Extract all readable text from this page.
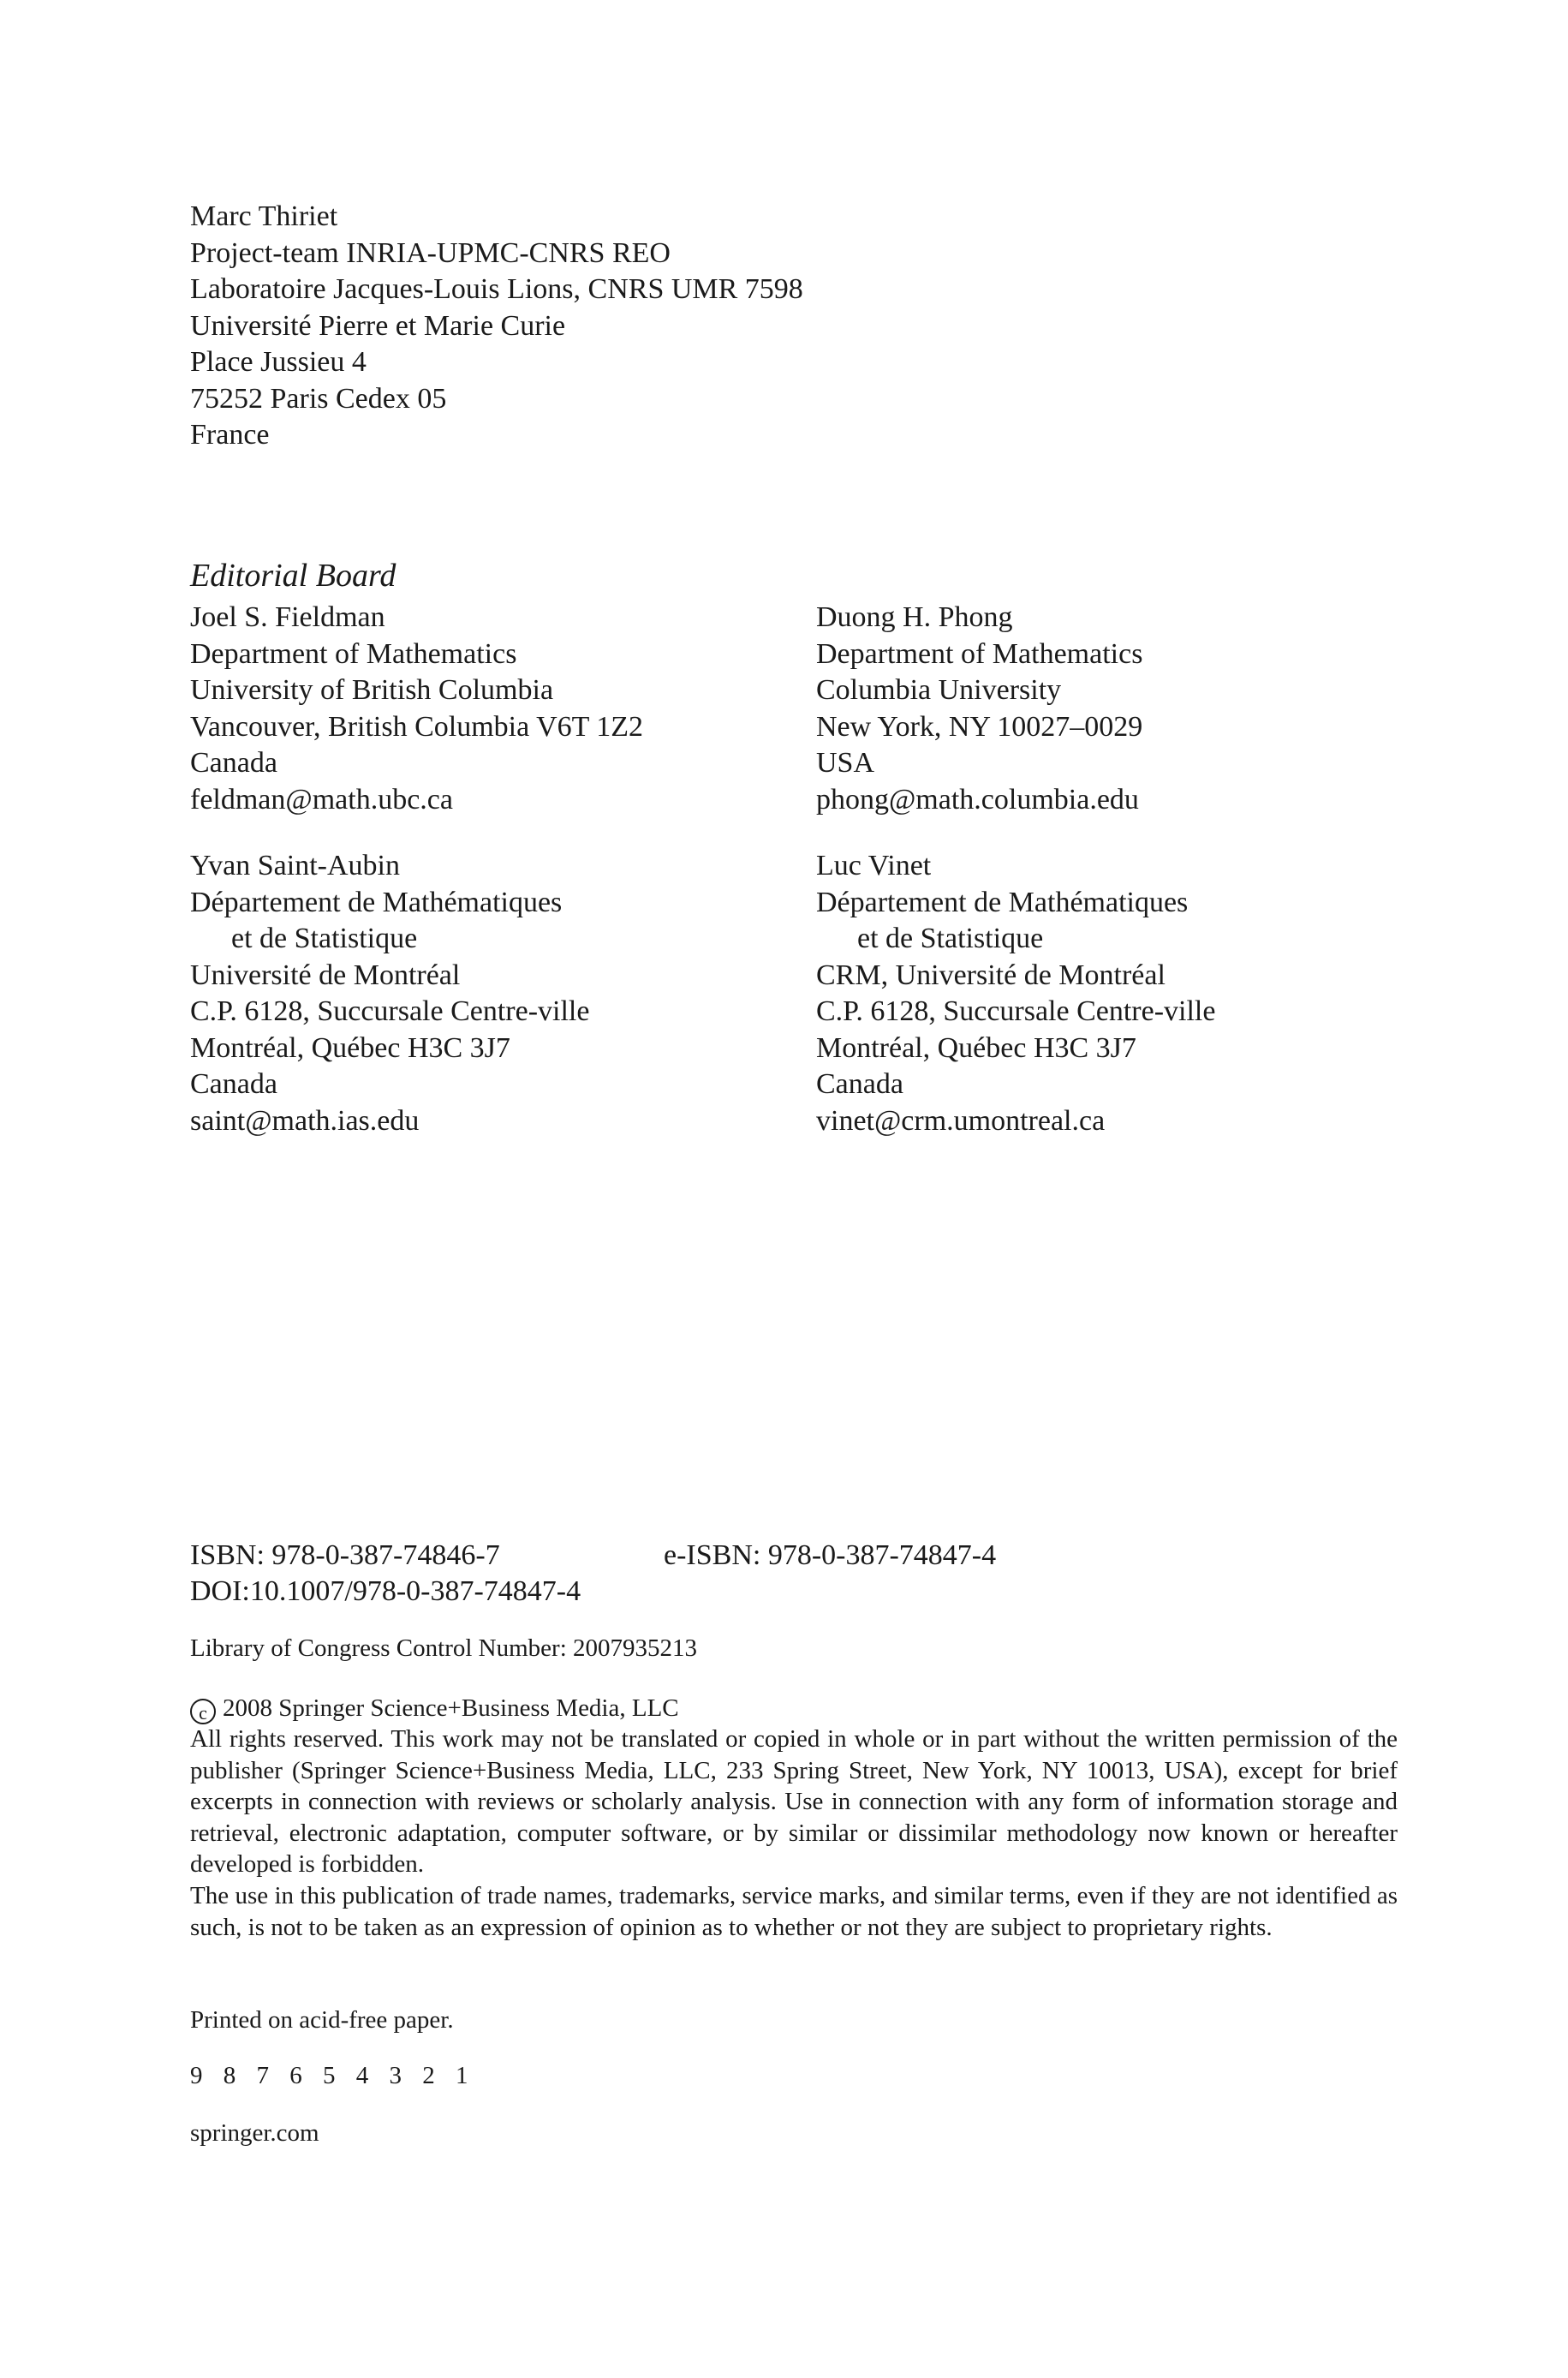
Marc Thiriet
Project-team INRIA-UPMC-CNRS REO
Laboratoire Jacques-Louis Lions, CNRS UMR 7598
Université Pierre et Marie Curie
Place Jussieu 4
75252 Paris Cedex 05
France
Editorial Board
Joel S. Fieldman
Department of Mathematics
University of British Columbia
Vancouver, British Columbia V6T 1Z2
Canada
feldman@math.ubc.ca
Duong H. Phong
Department of Mathematics
Columbia University
New York, NY 10027–0029
USA
phong@math.columbia.edu
Yvan Saint-Aubin
Département de Mathématiques
et de Statistique
Université de Montréal
C.P. 6128, Succursale Centre-ville
Montréal, Québec H3C 3J7
Canada
saint@math.ias.edu
Luc Vinet
Département de Mathématiques
et de Statistique
CRM, Université de Montréal
C.P. 6128, Succursale Centre-ville
Montréal, Québec H3C 3J7
Canada
vinet@crm.umontreal.ca
ISBN: 978-0-387-74846-7	e-ISBN: 978-0-387-74847-4
DOI:10.1007/978-0-387-74847-4
Library of Congress Control Number: 2007935213
c 2008 Springer Science+Business Media, LLC
All rights reserved. This work may not be translated or copied in whole or in part without the written permission of the publisher (Springer Science+Business Media, LLC, 233 Spring Street, New York, NY 10013, USA), except for brief excerpts in connection with reviews or scholarly analysis. Use in connection with any form of information storage and retrieval, electronic adaptation, computer software, or by similar or dissimilar methodology now known or hereafter developed is forbidden.
The use in this publication of trade names, trademarks, service marks, and similar terms, even if they are not identified as such, is not to be taken as an expression of opinion as to whether or not they are subject to proprietary rights.
Printed on acid-free paper.
9 8 7 6 5 4 3 2 1
springer.com
